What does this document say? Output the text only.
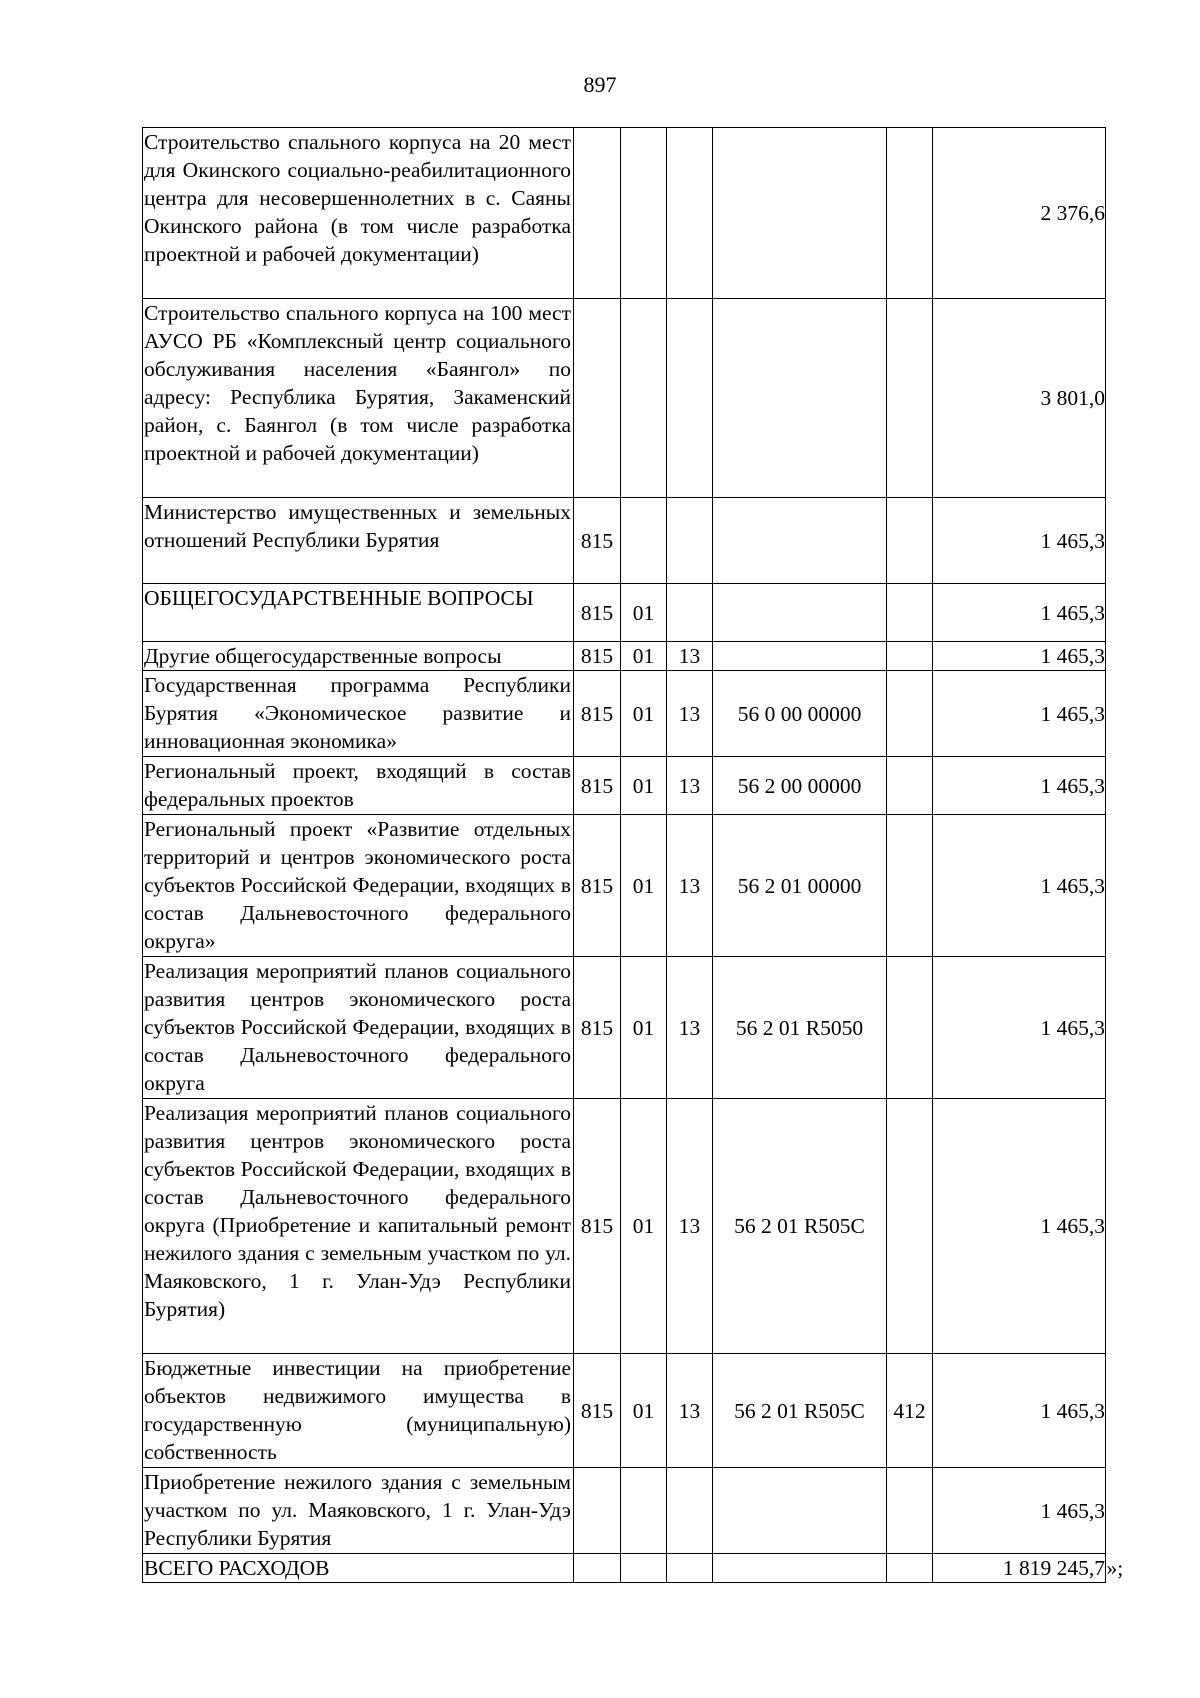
897
Строительство спального корпуса на 20 мест для Окинского социально-реабилитационного центра для несовершеннолетних в с. Саяны Окинского района (в том числе разработка проектной и рабочей документации)						2 376,6
Строительство спального корпуса на 100 мест АУСО РБ «Комплексный центр социального обслуживания населения «Баянгол» по адресу: Республика Бурятия, Закаменский район, с. Баянгол (в том числе разработка проектной и рабочей документации)						3 801,0
Министерство имущественных и земельных отношений Республики Бурятия	815					1 465,3
ОБЩЕГОСУДАРСТВЕННЫЕ ВОПРОСЫ	815	01				1 465,3
Другие общегосударственные вопросы	815	01	13			1 465,3
Государственная программа Республики Бурятия «Экономическое развитие и инновационная экономика»	815	01	13	56 0 00 00000		1 465,3
Региональный проект, входящий в состав федеральных проектов	815	01	13	56 2 00 00000		1 465,3
Региональный проект «Развитие отдельных территорий и центров экономического роста субъектов Российской Федерации, входящих в состав Дальневосточного федерального округа»	815	01	13	56 2 01 00000		1 465,3
Реализация мероприятий планов социального развития центров экономического роста субъектов Российской Федерации, входящих в состав Дальневосточного федерального округа	815	01	13	56 2 01 R5050		1 465,3
Реализация мероприятий планов социального развития центров экономического роста субъектов Российской Федерации, входящих в состав Дальневосточного федерального округа (Приобретение и капитальный ремонт нежилого здания с земельным участком по ул. Маяковского, 1 г. Улан-Удэ Республики Бурятия)	815	01	13	56 2 01 R505C		1 465,3
Бюджетные инвестиции на приобретение объектов недвижимого имущества в государственную (муниципальную) собственность	815	01	13	56 2 01 R505C	412	1 465,3
Приобретение нежилого здания с земельным участком по ул. Маяковского, 1 г. Улан-Удэ Республики Бурятия						1 465,3
ВСЕГО РАСХОДОВ						1 819 245,7 »;
